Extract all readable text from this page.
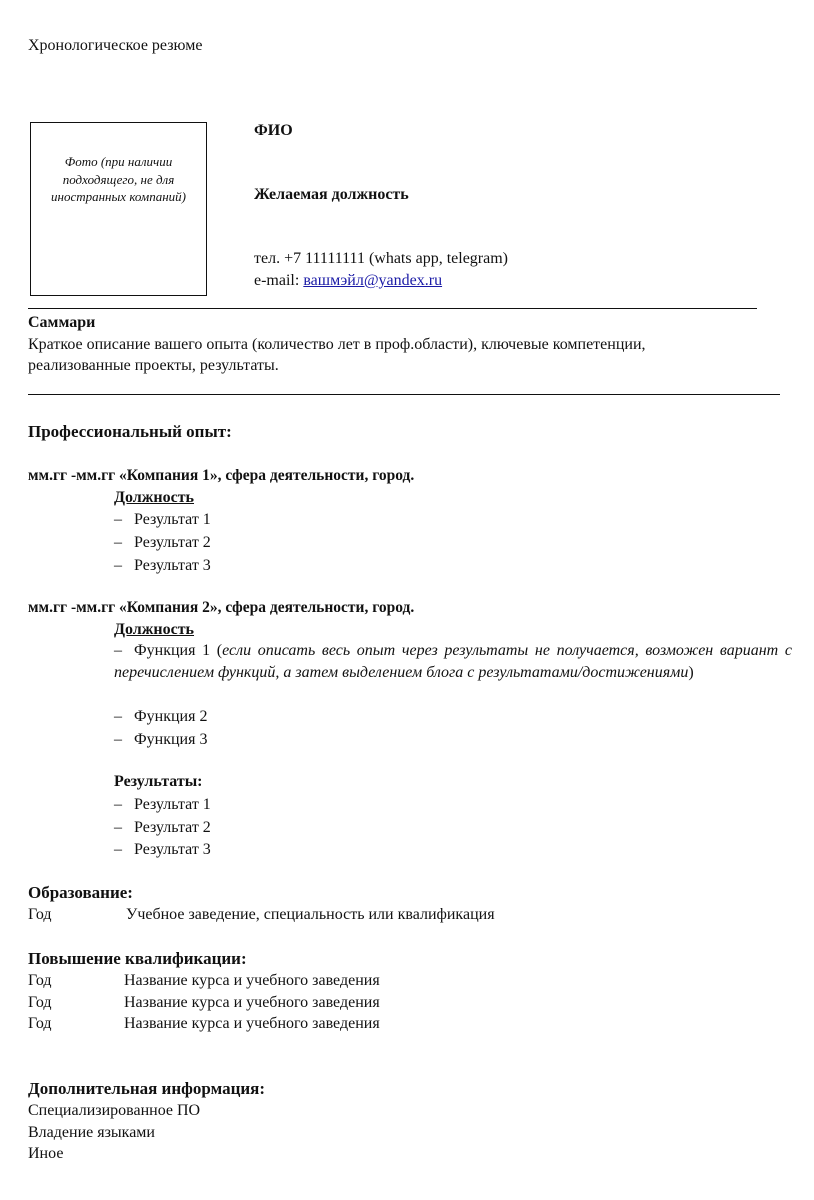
Хронологическое резюме
Фото (при наличии подходящего, не для иностранных компаний)
ФИО
Желаемая должность
тел. +7 11111111 (whats app, telegram)
e-mail: вашмэйл@yandex.ru
Саммари
Краткое описание вашего опыта (количество лет в проф.области), ключевые компетенции,
реализованные проекты, результаты.
Профессиональный опыт:
мм.гг -мм.гг «Компания 1», сфера деятельности, город.
Должность
– Результат 1
– Результат 2
– Результат 3
мм.гг -мм.гг «Компания 2», сфера деятельности, город.
Должность
– Функция 1 (если описать весь опыт через результаты не получается, возможен вариант с перечислением функций, а затем выделением блога с результатами/достижениями)
– Функция 2
– Функция 3
Результаты:
– Результат 1
– Результат 2
– Результат 3
Образование:
Год	Учебное заведение, специальность или квалификация
Повышение квалификации:
Год	Название курса и учебного заведения
Год	Название курса и учебного заведения
Год	Название курса и учебного заведения
Дополнительная информация:
Специализированное ПО
Владение языками
Иное
